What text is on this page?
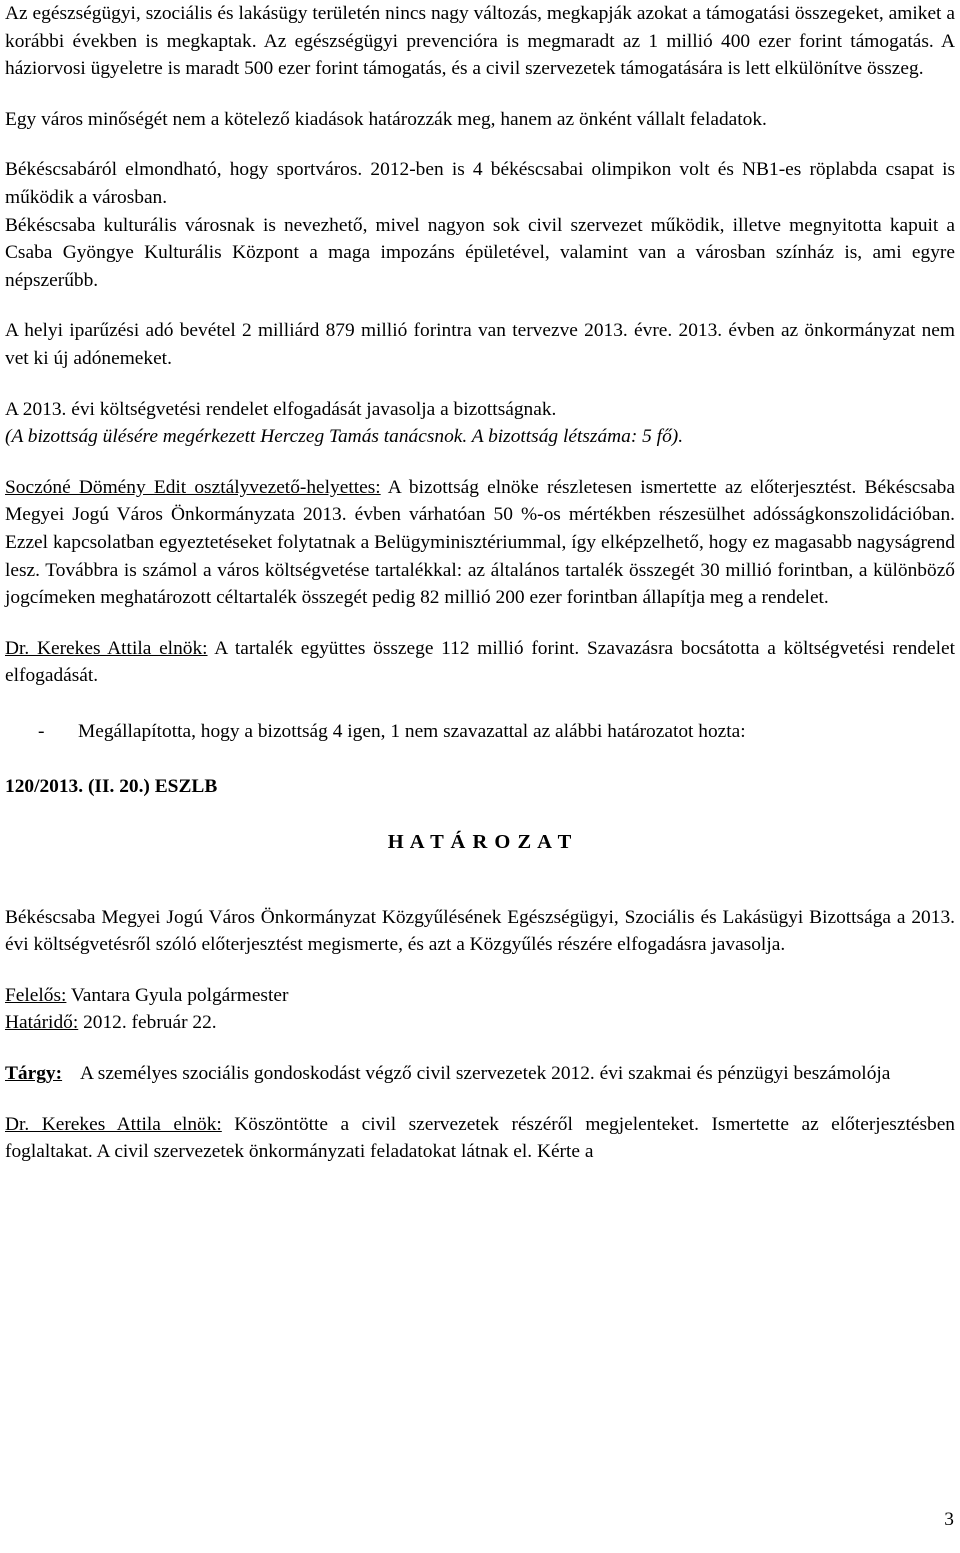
Az egészségügyi, szociális és lakásügy területén nincs nagy változás, megkapják azokat a támogatási összegeket, amiket a korábbi években is megkaptak. Az egészségügyi prevencióra is megmaradt az 1 millió 400 ezer forint támogatás. A háziorvosi ügyeletre is maradt 500 ezer forint támogatás, és a civil szervezetek támogatására is lett elkülönítve összeg.

Egy város minőségét nem a kötelező kiadások határozzák meg, hanem az önként vállalt feladatok.

Békéscsabáról elmondható, hogy sportváros. 2012-ben is 4 békéscsabai olimpikon volt és NB1-es röplabda csapat is működik a városban.

Békéscsaba kulturális városnak is nevezhető, mivel nagyon sok civil szervezet működik, illetve megnyitotta kapuit a Csaba Gyöngye Kulturális Központ a maga impozáns épületével, valamint van a városban színház is, ami egyre népszerűbb.

A helyi iparűzési adó bevétel 2 milliárd 879 millió forintra van tervezve 2013. évre. 2013. évben az önkormányzat nem vet ki új adónemeket.

A 2013. évi költségvetési rendelet elfogadását javasolja a bizottságnak.

(A bizottság ülésére megérkezett Herczeg Tamás tanácsnok. A bizottság létszáma: 5 fő).

Soczóné Dömény Edit osztályvezető-helyettes: A bizottság elnöke részletesen ismertette az előterjesztést. Békéscsaba Megyei Jogú Város Önkormányzata 2013. évben várhatóan 50 %-os mértékben részesülhet adósságkonszolidációban. Ezzel kapcsolatban egyeztetéseket folytatnak a Belügyminisztériummal, így elképzelhető, hogy ez magasabb nagyságrend lesz. Továbbra is számol a város költségvetése tartalékkal: az általános tartalék összegét 30 millió forintban, a különböző jogcímeken meghatározott céltartalék összegét pedig 82 millió 200 ezer forintban állapítja meg a rendelet.

Dr. Kerekes Attila elnök: A tartalék együttes összege 112 millió forint. Szavazásra bocsátotta a költségvetési rendelet elfogadását.

-	Megállapította, hogy a bizottság 4 igen, 1 nem szavazattal az alábbi határozatot hozta:

120/2013. (II. 20.) ESZLB

H A T Á R O Z A T

Békéscsaba Megyei Jogú Város Önkormányzat Közgyűlésének Egészségügyi, Szociális és Lakásügyi Bizottsága a 2013. évi költségvetésről szóló előterjesztést megismerte, és azt a Közgyűlés részére elfogadásra javasolja.

Felelős: Vantara Gyula polgármester

Határidő: 2012. február 22.

Tárgy: A személyes szociális gondoskodást végző civil szervezetek 2012. évi szakmai és pénzügyi beszámolója

Dr. Kerekes Attila elnök: Köszöntötte a civil szervezetek részéről megjelenteket. Ismertette az előterjesztésben foglaltakat. A civil szervezetek önkormányzati feladatokat látnak el. Kérte a

3
